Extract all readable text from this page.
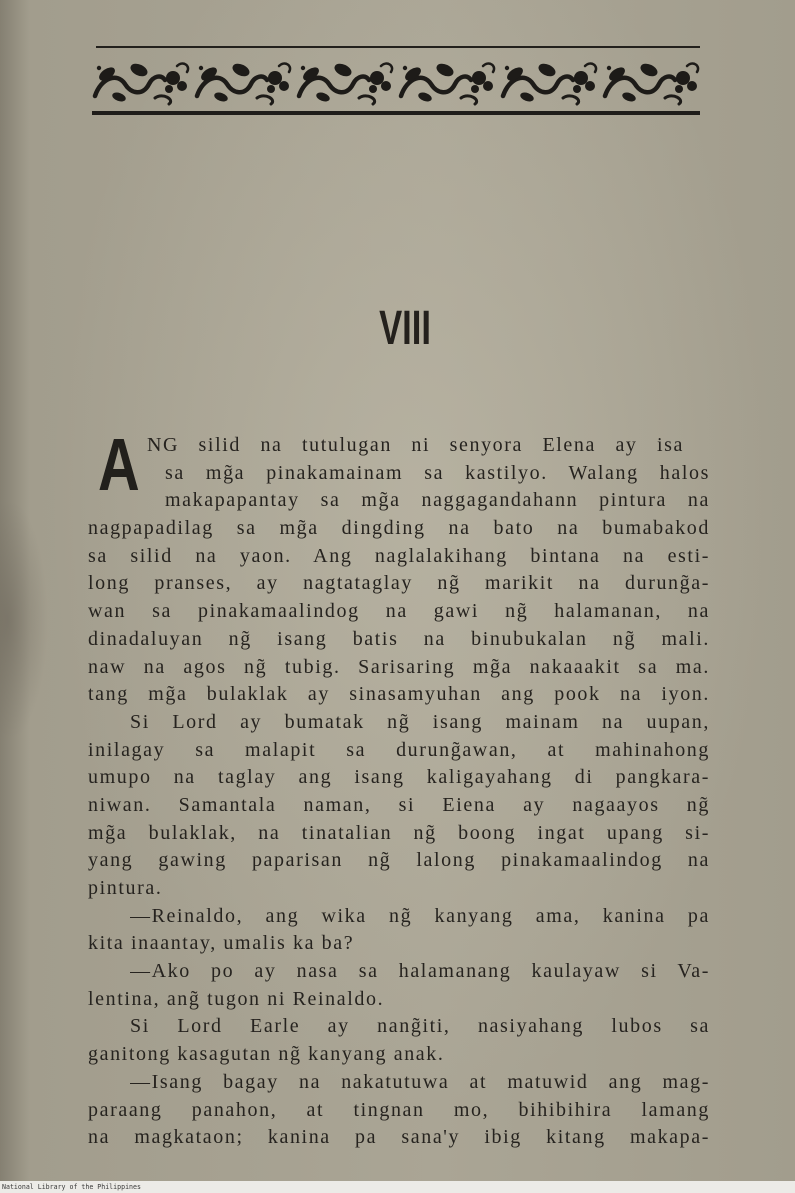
VIII
A NG silid na tutulugan ni senyora Elena ay isa
sa mg̃a pinakamainam sa kastilyo. Walang halos
makapapantay sa mg̃a naggagandahann pintura na
nagpapadilag sa mg̃a dingding na bato na bumabakod
sa silid na yaon. Ang naglalakihang bintana na esti-
long pranses, ay nagtataglay ng̃ marikit na durung̃a-
wan sa pinakamaalindog na gawi ng̃ halamanan, na
dinadaluyan ng̃ isang batis na binubukalan ng̃ mali.
naw na agos ng̃ tubig. Sarisaring mg̃a nakaaakit sa ma.
tang mg̃a bulaklak ay sinasamyuhan ang pook na iyon.
Si Lord ay bumatak ng̃ isang mainam na uupan,
inilagay sa malapit sa durung̃awan, at mahinahong
umupo na taglay ang isang kaligayahang di pangkara-
niwan. Samantala naman, si Eiena ay nagaayos ng̃
mg̃a bulaklak, na tinatalian ng̃ boong ingat upang si-
yang gawing paparisan ng̃ lalong pinakamaalindog na
pintura.
—Reinaldo, ang wika ng̃ kanyang ama, kanina pa
kita inaantay, umalis ka ba?
—Ako po ay nasa sa halamanang kaulayaw si Va-
lentina, ang̃ tugon ni Reinaldo.
Si Lord Earle ay nang̃iti, nasiyahang lubos sa
ganitong kasagutan ng̃ kanyang anak.
—Isang bagay na nakatutuwa at matuwid ang mag-
paraang panahon, at tingnan mo, bihibihira lamang
na magkataon; kanina pa sana'y ibig kitang makapa-
National Library of the Philippines
